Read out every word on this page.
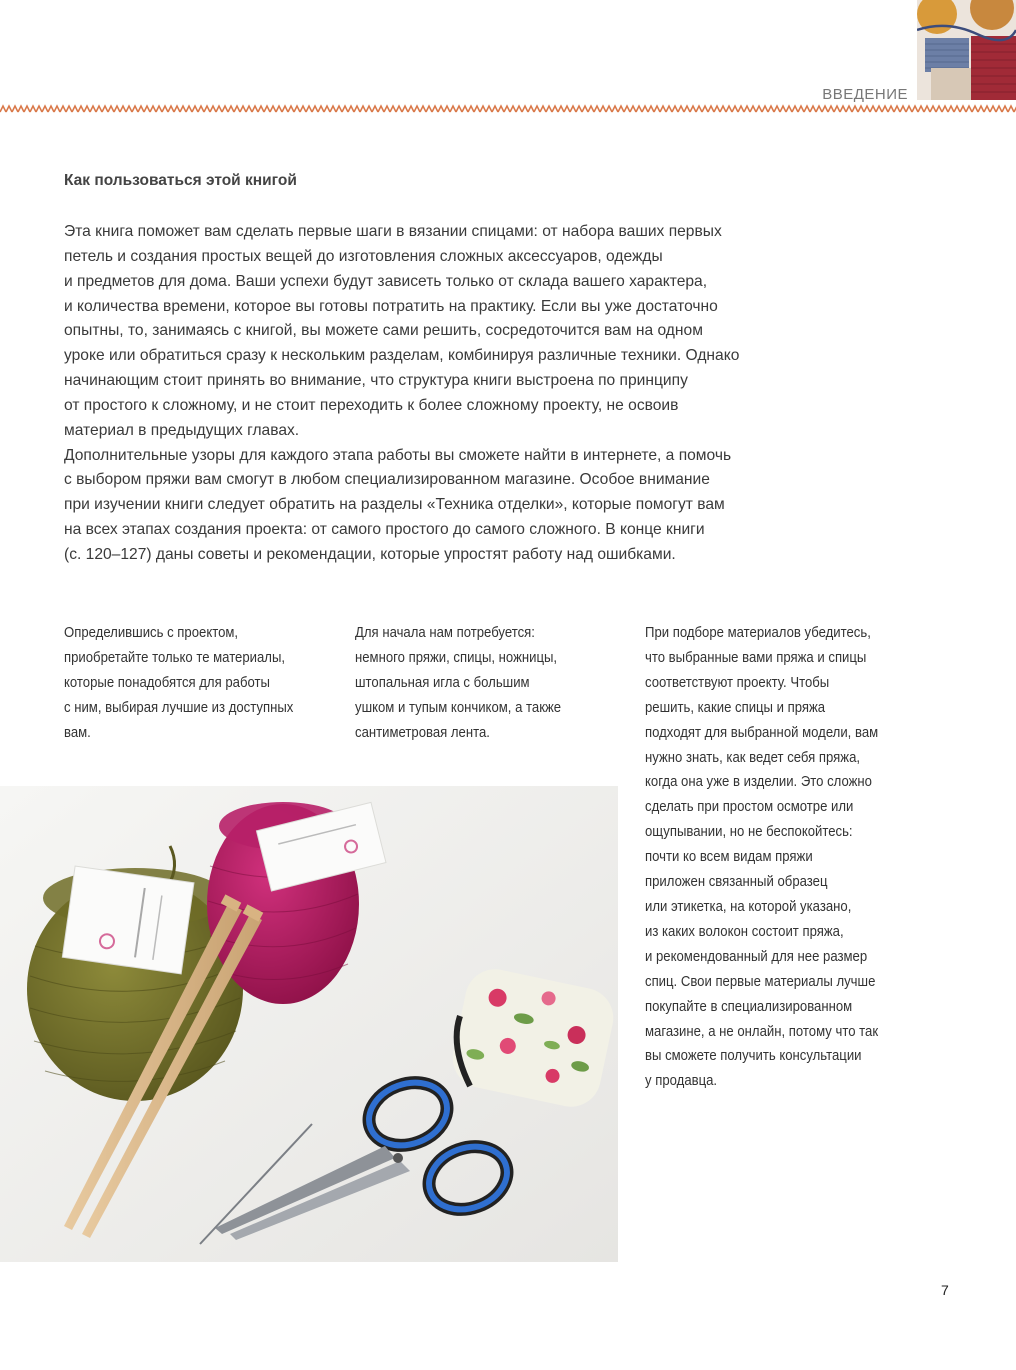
ВВЕДЕНИЕ
Как пользоваться этой книгой
Эта книга поможет вам сделать первые шаги в вязании спицами: от набора ваших первых
петель и создания простых вещей до изготовления сложных аксессуаров, одежды
и предметов для дома. Ваши успехи будут зависеть только от склада вашего характера,
и количества времени, которое вы готовы потратить на практику. Если вы уже достаточно
опытны, то, занимаясь с книгой, вы можете сами решить, сосредоточится вам на одном
уроке или обратиться сразу к нескольким разделам, комбинируя различные техники. Однако
начинающим стоит принять во внимание, что структура книги выстроена по принципу
от простого к сложному, и не стоит переходить к более сложному проекту, не освоив
материал в предыдущих главах.
Дополнительные узоры для каждого этапа работы вы сможете найти в интернете, а помочь
с выбором пряжи вам смогут в любом специализированном магазине. Особое внимание
при изучении книги следует обратить на разделы «Техника отделки», которые помогут вам
на всех этапах создания проекта: от самого простого до самого сложного. В конце книги
(с. 120–127) даны советы и рекомендации, которые упростят работу над ошибками.
Определившись с проектом,
приобретайте только те материалы,
которые понадобятся для работы
с ним, выбирая лучшие из доступных
вам.
Для начала нам потребуется:
немного пряжи, спицы, ножницы,
штопальная игла с большим
ушком и тупым кончиком, а также
сантиметровая лента.
При подборе материалов убедитесь,
что выбранные вами пряжа и спицы
соответствуют проекту. Чтобы
решить, какие спицы и пряжа
подходят для выбранной модели, вам
нужно знать, как ведет себя пряжа,
когда она уже в изделии. Это сложно
сделать при простом осмотре или
ощупывании, но не беспокойтесь:
почти ко всем видам пряжи
приложен связанный образец
или этикетка, на которой указано,
из каких волокон состоит пряжа,
и рекомендованный для нее размер
спиц. Свои первые материалы лучше
покупайте в специализированном
магазине, а не онлайн, потому что так
вы сможете получить консультации
у продавца.
7
